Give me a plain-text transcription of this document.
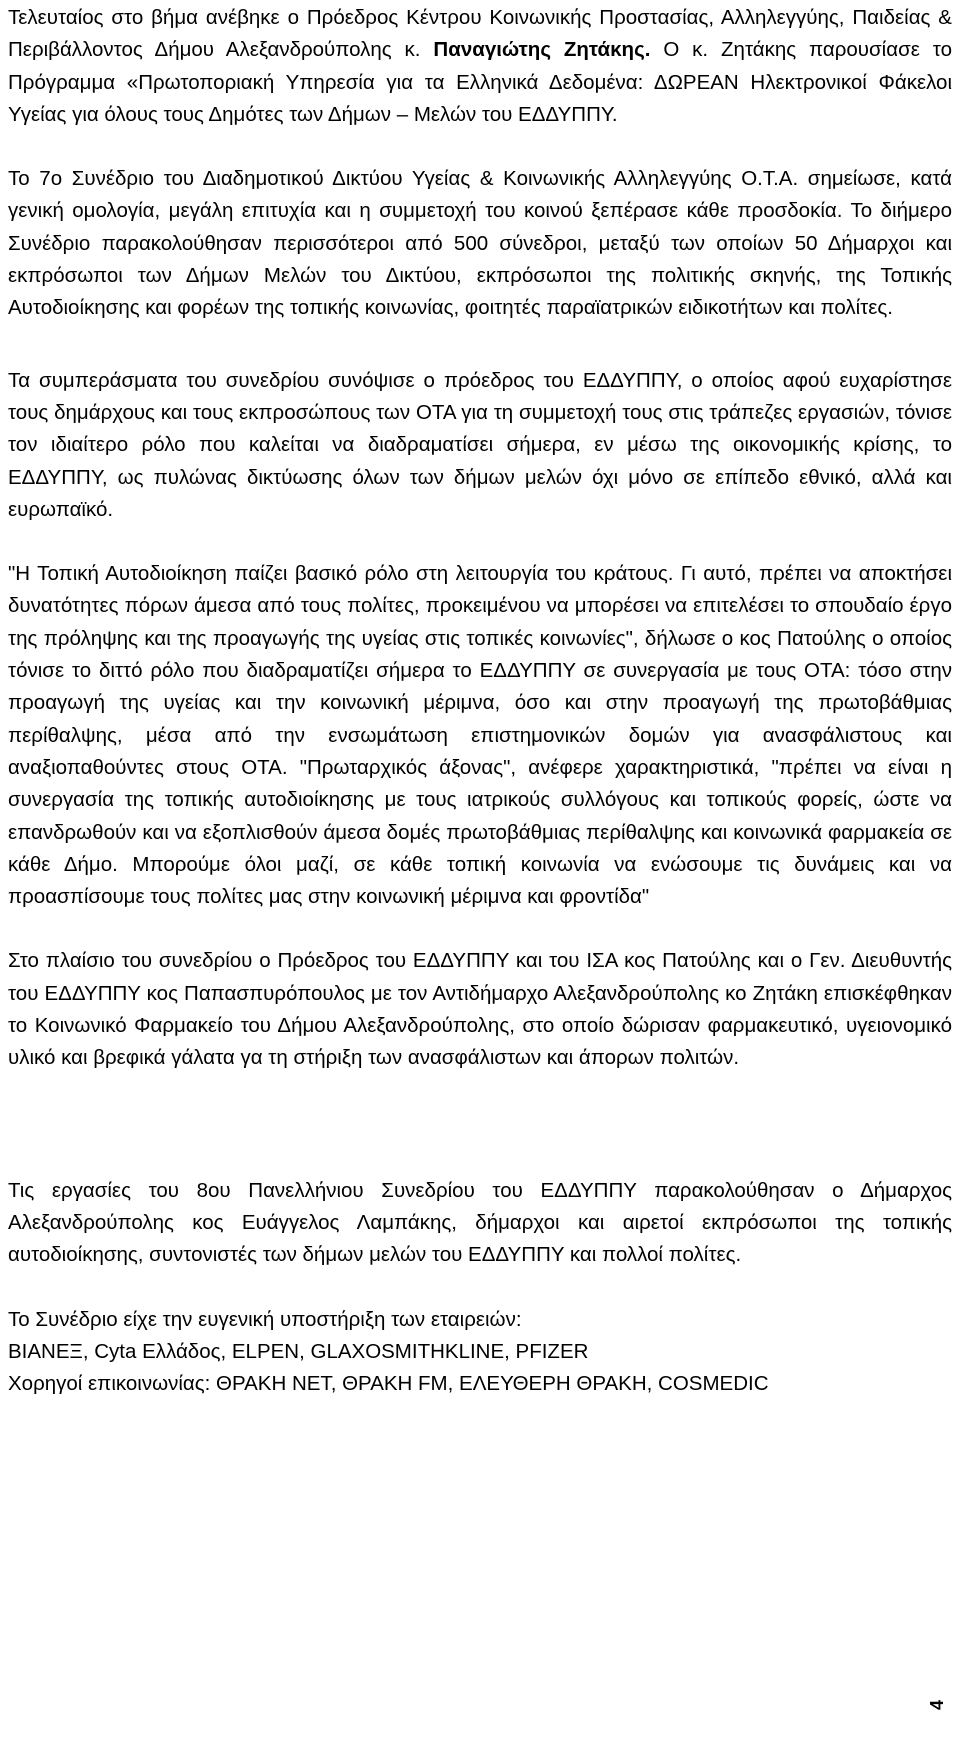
Τελευταίος στο βήμα ανέβηκε ο Πρόεδρος Κέντρου Κοινωνικής Προστασίας, Αλληλεγγύης, Παιδείας & Περιβάλλοντος Δήμου Αλεξανδρούπολης κ. Παναγιώτης Ζητάκης. Ο κ. Ζητάκης παρουσίασε το Πρόγραμμα «Πρωτοποριακή Υπηρεσία για τα Ελληνικά Δεδομένα: ΔΩΡΕΑΝ Ηλεκτρονικοί Φάκελοι Υγείας για όλους τους Δημότες των Δήμων – Μελών του ΕΔΔΥΠΠΥ.

Το 7ο Συνέδριο του Διαδημοτικού Δικτύου Υγείας & Κοινωνικής Αλληλεγγύης Ο.Τ.Α. σημείωσε, κατά γενική ομολογία, μεγάλη επιτυχία και η συμμετοχή του κοινού ξεπέρασε κάθε προσδοκία. Το διήμερο Συνέδριο παρακολούθησαν περισσότεροι από 500 σύνεδροι, μεταξύ των οποίων 50 Δήμαρχοι και εκπρόσωποι των Δήμων Μελών του Δικτύου, εκπρόσωποι της πολιτικής σκηνής, της Τοπικής Αυτοδιοίκησης και φορέων της τοπικής κοινωνίας, φοιτητές παραϊατρικών ειδικοτήτων και πολίτες.

Τα συμπεράσματα του συνεδρίου συνόψισε ο πρόεδρος του ΕΔΔΥΠΠΥ, ο οποίος αφού ευχαρίστησε τους δημάρχους και τους εκπροσώπους των ΟΤΑ για τη συμμετοχή τους στις τράπεζες εργασιών, τόνισε τον ιδιαίτερο ρόλο που καλείται να διαδραματίσει σήμερα, εν μέσω της οικονομικής κρίσης, το ΕΔΔΥΠΠΥ, ως πυλώνας δικτύωσης όλων των δήμων μελών όχι μόνο σε επίπεδο εθνικό, αλλά και ευρωπαϊκό.

"Η Τοπική Αυτοδιοίκηση παίζει βασικό ρόλο στη λειτουργία του κράτους. Γι αυτό, πρέπει να αποκτήσει δυνατότητες πόρων άμεσα από τους πολίτες, προκειμένου να μπορέσει να επιτελέσει το σπουδαίο έργο της πρόληψης και της προαγωγής της υγείας στις τοπικές κοινωνίες", δήλωσε ο κος Πατούλης ο οποίος τόνισε το διττό ρόλο που διαδραματίζει σήμερα το ΕΔΔΥΠΠΥ σε συνεργασία με τους ΟΤΑ: τόσο στην προαγωγή της υγείας και την κοινωνική μέριμνα, όσο και στην προαγωγή της πρωτοβάθμιας περίθαλψης, μέσα από την ενσωμάτωση επιστημονικών δομών για ανασφάλιστους και αναξιοπαθούντες στους ΟΤΑ. "Πρωταρχικός άξονας", ανέφερε χαρακτηριστικά, "πρέπει να είναι η συνεργασία της τοπικής αυτοδιοίκησης με τους ιατρικούς συλλόγους και τοπικούς φορείς, ώστε να επανδρωθούν και να εξοπλισθούν άμεσα δομές πρωτοβάθμιας περίθαλψης και κοινωνικά φαρμακεία σε κάθε Δήμο. Μπορούμε όλοι μαζί, σε κάθε τοπική κοινωνία να ενώσουμε τις δυνάμεις και να προασπίσουμε τους πολίτες μας στην κοινωνική μέριμνα και φροντίδα"

Στο πλαίσιο του συνεδρίου ο Πρόεδρος του ΕΔΔΥΠΠΥ και του ΙΣΑ κος Πατούλης και ο Γεν. Διευθυντής του ΕΔΔΥΠΠΥ κος Παπασπυρόπουλος με τον Αντιδήμαρχο Αλεξανδρούπολης κο Ζητάκη επισκέφθηκαν το Κοινωνικό Φαρμακείο του Δήμου Αλεξανδρούπολης, στο οποίο δώρισαν φαρμακευτικό, υγειονομικό υλικό και βρεφικά γάλατα γα τη στήριξη των ανασφάλιστων και άπορων πολιτών.

Τις εργασίες του 8ου Πανελλήνιου Συνεδρίου του ΕΔΔΥΠΠΥ παρακολούθησαν ο Δήμαρχος Αλεξανδρούπολης κος Ευάγγελος Λαμπάκης, δήμαρχοι και αιρετοί εκπρόσωποι της τοπικής αυτοδιοίκησης, συντονιστές των δήμων μελών του ΕΔΔΥΠΠΥ και πολλοί πολίτες.

Το Συνέδριο είχε την ευγενική υποστήριξη των εταιρειών:

ΒΙΑΝΕΞ, Cyta Ελλάδος, ELPEN, GLAXOSMITHKLINE, PFIZER

Χορηγοί επικοινωνίας: ΘΡΑΚΗ ΝΕΤ, ΘΡΑΚΗ FM, ΕΛΕΥΘΕΡΗ ΘΡΑΚΗ, COSMEDIC

4
